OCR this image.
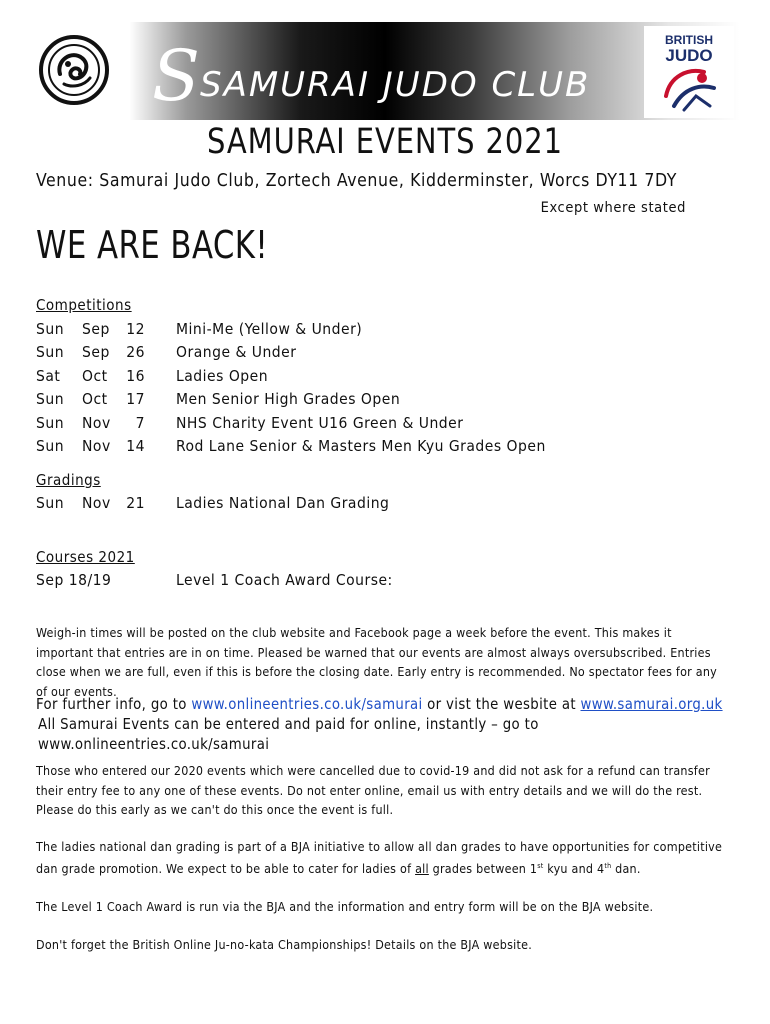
S SAMURAI JUDO CLUB
BRITISH
JUDO
SAMURAI EVENTS 2021
Venue: Samurai Judo Club, Zortech Avenue, Kidderminster, Worcs DY11 7DY
Except where stated
WE ARE BACK!
Competitions
Sun Sep	12 Mini-Me (Yellow & Under)
Sun Sep	26 Orange & Under
Sat Oct	16 Ladies Open
Sun Oct	17 Men Senior High Grades Open
Sun Nov	7 NHS Charity Event U16 Green & Under
Sun Nov	14 Rod Lane Senior & Masters Men Kyu Grades Open
Gradings
Sun Nov	21 Ladies National Dan Grading
Courses 2021
Sep 18/19	Level 1 Coach Award Course:

Weigh-in times will be posted on the club website and Facebook page a week before the event. This makes it important that entries are in on time. Pleased be warned that our events are almost always oversubscribed. Entries close when we are full, even if this is before the closing date. Early entry is recommended. No spectator fees for any of our events.

For further info, go to www.onlineentries.co.uk/samurai or vist the wesbite at www.samurai.org.uk
All Samurai Events can be entered and paid for online, instantly – go to www.onlineentries.co.uk/samurai

Those who entered our 2020 events which were cancelled due to covid-19 and did not ask for a refund can transfer their entry fee to any one of these events. Do not enter online, email us with entry details and we will do the rest. Please do this early as we can't do this once the event is full.

The ladies national dan grading is part of a BJA initiative to allow all dan grades to have opportunities for competitive dan grade promotion. We expect to be able to cater for ladies of all grades between 1st kyu and 4th dan.

The Level 1 Coach Award is run via the BJA and the information and entry form will be on the BJA website.

Don't forget the British Online Ju-no-kata Championships! Details on the BJA website.
